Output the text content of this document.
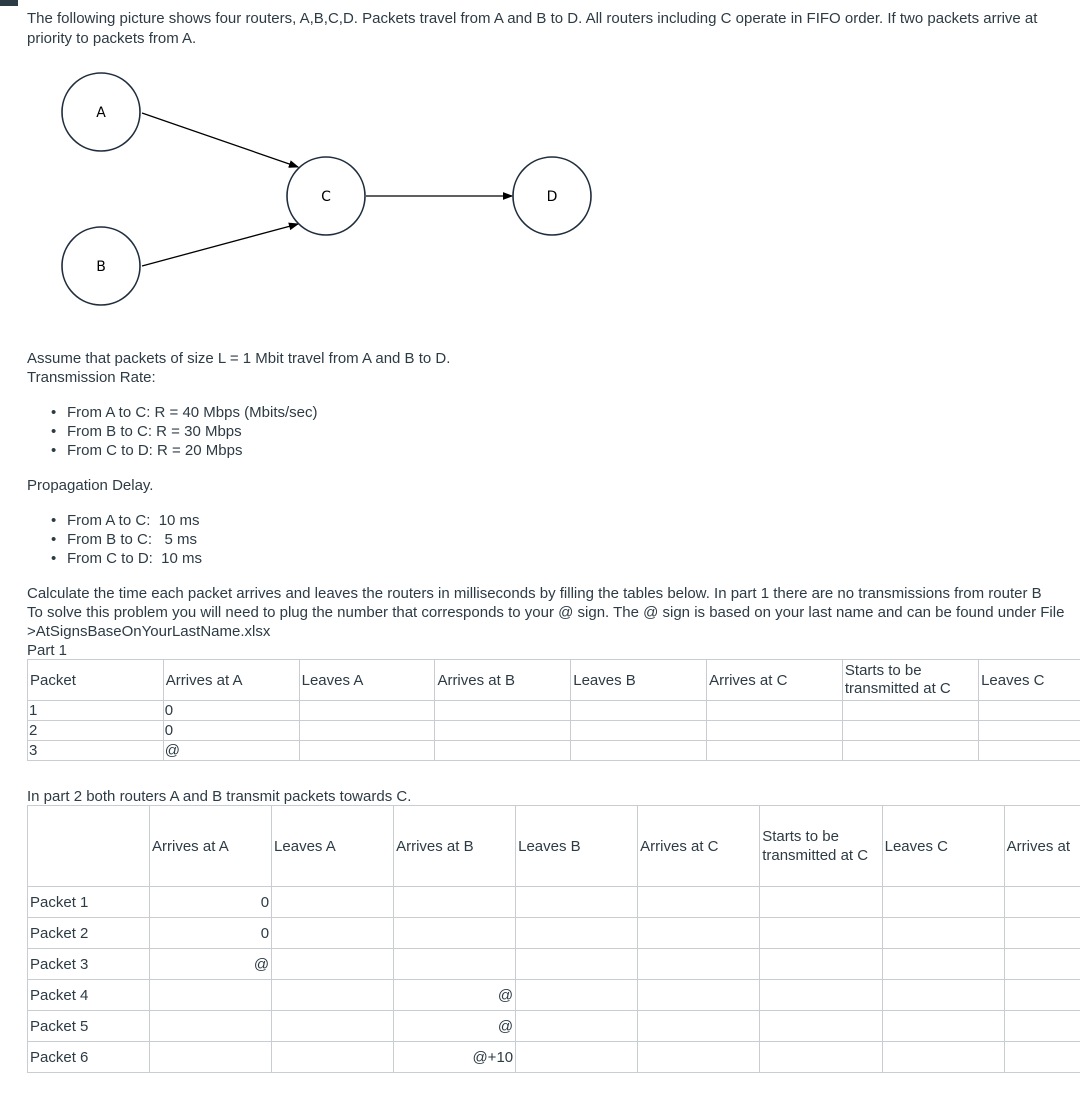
The following picture shows four routers, A,B,C,D. Packets travel from A and B to D. All routers including C operate in FIFO order. If two packets arrive at

priority to packets from A.

A
B
C	D

Assume that packets of size L = 1 Mbit travel from A and B to D.

Transmission Rate:

• From A to C: R = 40 Mbps (Mbits/sec)
• From B to C: R = 30 Mbps
• From C to D: R = 20 Mbps

Propagation Delay.

• From A to C:  10 ms
• From B to C:   5 ms
• From C to D:  10 ms

Calculate the time each packet arrives and leaves the routers in milliseconds by filling the tables below. In part 1 there are no transmissions from router B

To solve this problem you will need to plug the number that corresponds to your @ sign. The @ sign is based on your last name and can be found under File

>AtSignsBaseOnYourLastName.xlsx

Part 1

Packet	Arrives at A	Leaves A	Arrives at B	Leaves B	Arrives at C	Starts to be transmitted at C	Leaves C
1	0						
2	0						
3	@						

In part 2 both routers A and B transmit packets towards C.

	Arrives at A	Leaves A	Arrives at B	Leaves B	Arrives at C	Starts to be transmitted at C	Leaves C	Arrives at
Packet 1	0							
Packet 2	0							
Packet 3	@							
Packet 4			@					
Packet 5			@					
Packet 6			@+10					
